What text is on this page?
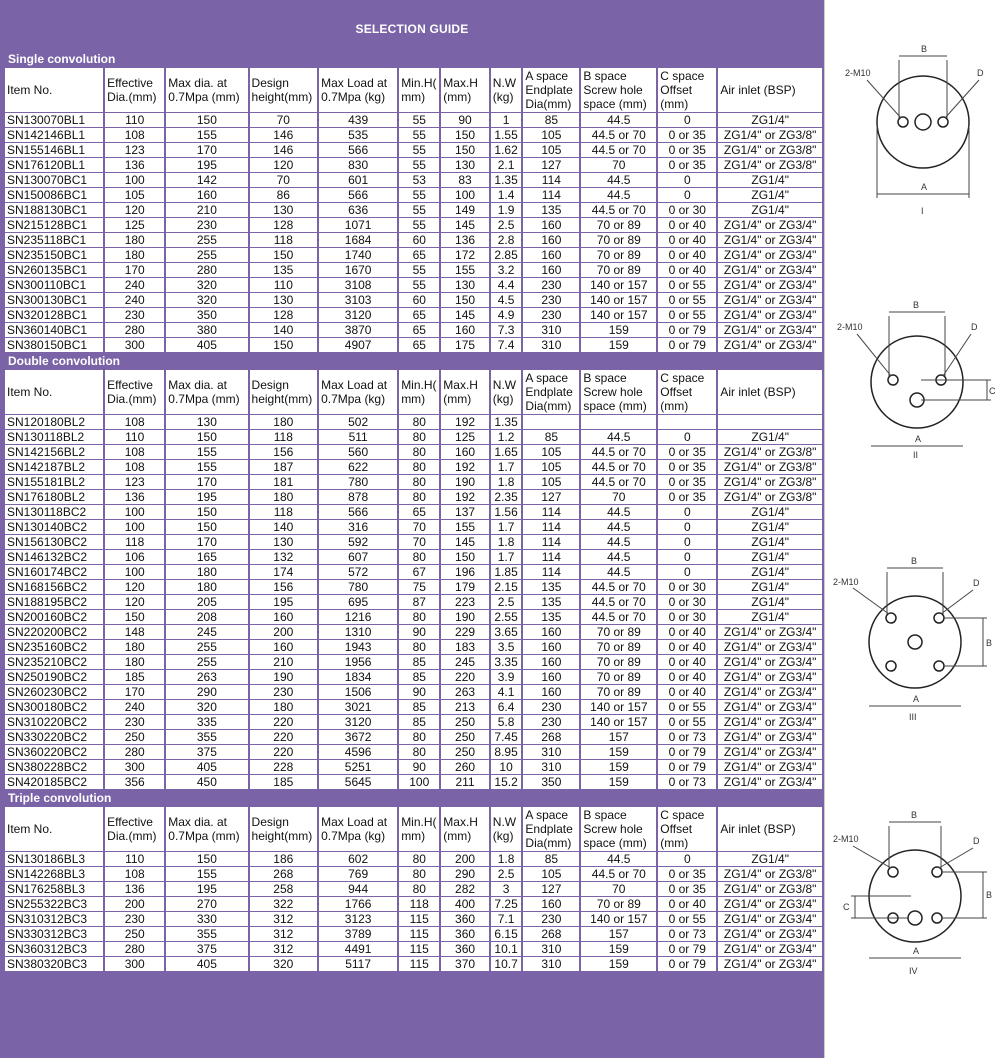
SELECTION GUIDE
Single convolution											
Item No.	Effective Dia.(mm)	Max dia. at 0.7Mpa (mm)	Design height(mm)	Max Load at 0.7Mpa (kg)	Min.H( mm)	Max.H (mm)	N.W (kg)	A space Endplate Dia(mm)	B space Screw hole space (mm)	C space Offset (mm)	Air inlet (BSP)
SN130070BL1	110	150	70	439	55	90	1	85	44.5	0	ZG1/4"
SN142146BL1	108	155	146	535	55	150	1.55	105	44.5 or 70	0 or 35	ZG1/4" or ZG3/8"
SN155146BL1	123	170	146	566	55	150	1.62	105	44.5 or 70	0 or 35	ZG1/4" or ZG3/8"
SN176120BL1	136	195	120	830	55	130	2.1	127	70	0 or 35	ZG1/4" or ZG3/8"
SN130070BC1	100	142	70	601	53	83	1.35	114	44.5	0	ZG1/4"
SN150086BC1	105	160	86	566	55	100	1.4	114	44.5	0	ZG1/4"
SN188130BC1	120	210	130	636	55	149	1.9	135	44.5 or 70	0 or 30	ZG1/4"
SN215128BC1	125	230	128	1071	55	145	2.5	160	70 or 89	0 or 40	ZG1/4" or ZG3/4"
SN235118BC1	180	255	118	1684	60	136	2.8	160	70 or 89	0 or 40	ZG1/4" or ZG3/4"
SN235150BC1	180	255	150	1740	65	172	2.85	160	70 or 89	0 or 40	ZG1/4" or ZG3/4"
SN260135BC1	170	280	135	1670	55	155	3.2	160	70 or 89	0 or 40	ZG1/4" or ZG3/4"
SN300110BC1	240	320	110	3108	55	130	4.4	230	140 or 157	0 or 55	ZG1/4" or ZG3/4"
SN300130BC1	240	320	130	3103	60	150	4.5	230	140 or 157	0 or 55	ZG1/4" or ZG3/4"
SN320128BC1	230	350	128	3120	65	145	4.9	230	140 or 157	0 or 55	ZG1/4" or ZG3/4"
SN360140BC1	280	380	140	3870	65	160	7.3	310	159	0 or 79	ZG1/4" or ZG3/4"
SN380150BC1	300	405	150	4907	65	175	7.4	310	159	0 or 79	ZG1/4" or ZG3/4"
Double convolution											
Item No.	Effective Dia.(mm)	Max dia. at 0.7Mpa (mm)	Design height(mm)	Max Load at 0.7Mpa (kg)	Min.H( mm)	Max.H (mm)	N.W (kg)	A space Endplate Dia(mm)	B space Screw hole space (mm)	C space Offset (mm)	Air inlet (BSP)
SN120180BL2	108	130	180	502	80	192	1.35				
SN130118BL2	110	150	118	511	80	125	1.2	85	44.5	0	ZG1/4"
SN142156BL2	108	155	156	560	80	160	1.65	105	44.5 or 70	0 or 35	ZG1/4" or ZG3/8"
SN142187BL2	108	155	187	622	80	192	1.7	105	44.5 or 70	0 or 35	ZG1/4" or ZG3/8"
SN155181BL2	123	170	181	780	80	190	1.8	105	44.5 or 70	0 or 35	ZG1/4" or ZG3/8"
SN176180BL2	136	195	180	878	80	192	2.35	127	70	0 or 35	ZG1/4" or ZG3/8"
SN130118BC2	100	150	118	566	65	137	1.56	114	44.5	0	ZG1/4"
SN130140BC2	100	150	140	316	70	155	1.7	114	44.5	0	ZG1/4"
SN156130BC2	118	170	130	592	70	145	1.8	114	44.5	0	ZG1/4"
SN146132BC2	106	165	132	607	80	150	1.7	114	44.5	0	ZG1/4"
SN160174BC2	100	180	174	572	67	196	1.85	114	44.5	0	ZG1/4"
SN168156BC2	120	180	156	780	75	179	2.15	135	44.5 or 70	0 or 30	ZG1/4"
SN188195BC2	120	205	195	695	87	223	2.5	135	44.5 or 70	0 or 30	ZG1/4"
SN200160BC2	150	208	160	1216	80	190	2.55	135	44.5 or 70	0 or 30	ZG1/4"
SN220200BC2	148	245	200	1310	90	229	3.65	160	70 or 89	0 or 40	ZG1/4" or ZG3/4"
SN235160BC2	180	255	160	1943	80	183	3.5	160	70 or 89	0 or 40	ZG1/4" or ZG3/4"
SN235210BC2	180	255	210	1956	85	245	3.35	160	70 or 89	0 or 40	ZG1/4" or ZG3/4"
SN250190BC2	185	263	190	1834	85	220	3.9	160	70 or 89	0 or 40	ZG1/4" or ZG3/4"
SN260230BC2	170	290	230	1506	90	263	4.1	160	70 or 89	0 or 40	ZG1/4" or ZG3/4"
SN300180BC2	240	320	180	3021	85	213	6.4	230	140 or 157	0 or 55	ZG1/4" or ZG3/4"
SN310220BC2	230	335	220	3120	85	250	5.8	230	140 or 157	0 or 55	ZG1/4" or ZG3/4"
SN330220BC2	250	355	220	3672	80	250	7.45	268	157	0 or 73	ZG1/4" or ZG3/4"
SN360220BC2	280	375	220	4596	80	250	8.95	310	159	0 or 79	ZG1/4" or ZG3/4"
SN380228BC2	300	405	228	5251	90	260	10	310	159	0 or 79	ZG1/4" or ZG3/4"
SN420185BC2	356	450	185	5645	100	211	15.2	350	159	0 or 73	ZG1/4" or ZG3/4"
Triple convolution											
Item No.	Effective Dia.(mm)	Max dia. at 0.7Mpa (mm)	Design height(mm)	Max Load at 0.7Mpa (kg)	Min.H( mm)	Max.H (mm)	N.W (kg)	A space Endplate Dia(mm)	B space Screw hole space (mm)	C space Offset (mm)	Air inlet (BSP)
SN130186BL3	110	150	186	602	80	200	1.8	85	44.5	0	ZG1/4"
SN142268BL3	108	155	268	769	80	290	2.5	105	44.5 or 70	0 or 35	ZG1/4" or ZG3/8"
SN176258BL3	136	195	258	944	80	282	3	127	70	0 or 35	ZG1/4" or ZG3/8"
SN255322BC3	200	270	322	1766	118	400	7.25	160	70 or 89	0 or 40	ZG1/4" or ZG3/4"
SN310312BC3	230	330	312	3123	115	360	7.1	230	140 or 157	0 or 55	ZG1/4" or ZG3/4"
SN330312BC3	250	355	312	3789	115	360	6.15	268	157	0 or 73	ZG1/4" or ZG3/4"
SN360312BC3	280	375	312	4491	115	360	10.1	310	159	0 or 79	ZG1/4" or ZG3/4"
SN380320BC3	300	405	320	5117	115	370	10.7	310	159	0 or 79	ZG1/4" or ZG3/4"
B
2-M10	D
A
I
B
2-M10	D
C
A
II
B
2-M10	D
B
A
III
B
2-M10	D
C
B
A
IV
